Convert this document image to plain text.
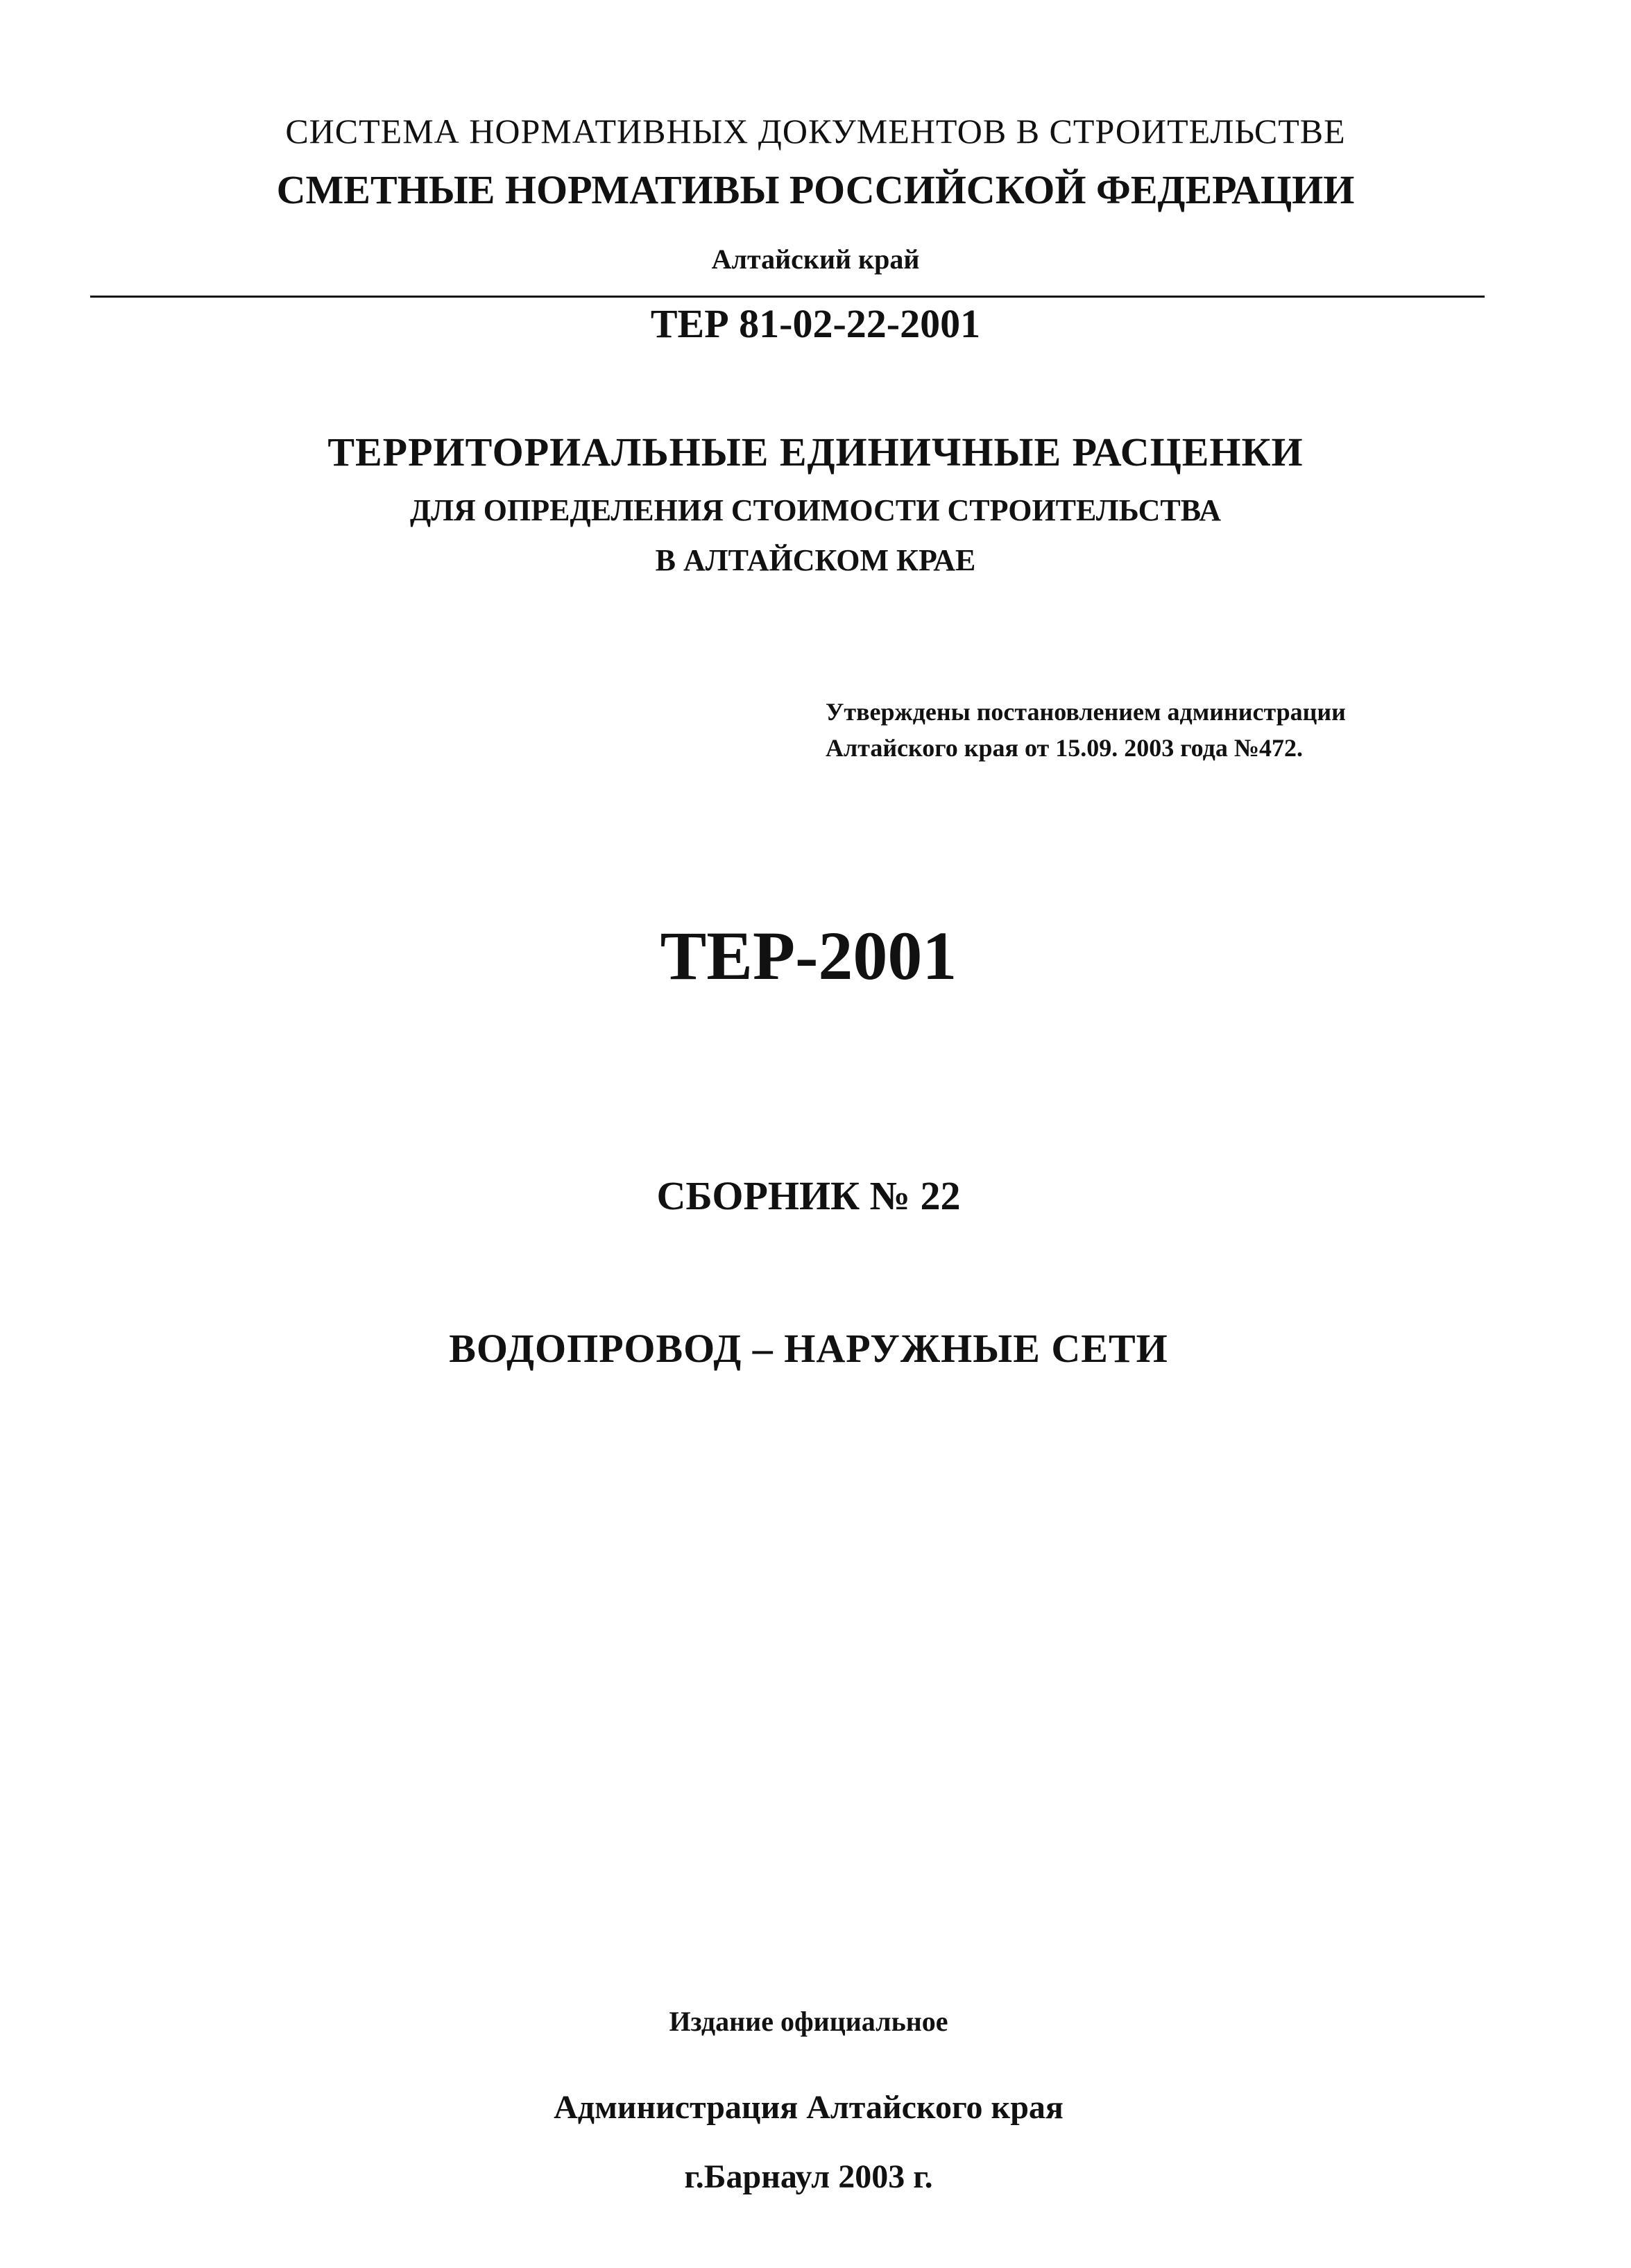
СИСТЕМА НОРМАТИВНЫХ ДОКУМЕНТОВ В СТРОИТЕЛЬСТВЕ
СМЕТНЫЕ НОРМАТИВЫ РОССИЙСКОЙ ФЕДЕРАЦИИ
Алтайский край
ТЕР 81-02-22-2001
ТЕРРИТОРИАЛЬНЫЕ ЕДИНИЧНЫЕ РАСЦЕНКИ
ДЛЯ ОПРЕДЕЛЕНИЯ СТОИМОСТИ СТРОИТЕЛЬСТВА
В АЛТАЙСКОМ КРАЕ
Утверждены постановлением администрации
Алтайского края от 15.09. 2003 года №472.
ТЕР-2001
СБОРНИК № 22
ВОДОПРОВОД – НАРУЖНЫЕ СЕТИ
Издание официальное
Администрация Алтайского края
г.Барнаул 2003 г.
